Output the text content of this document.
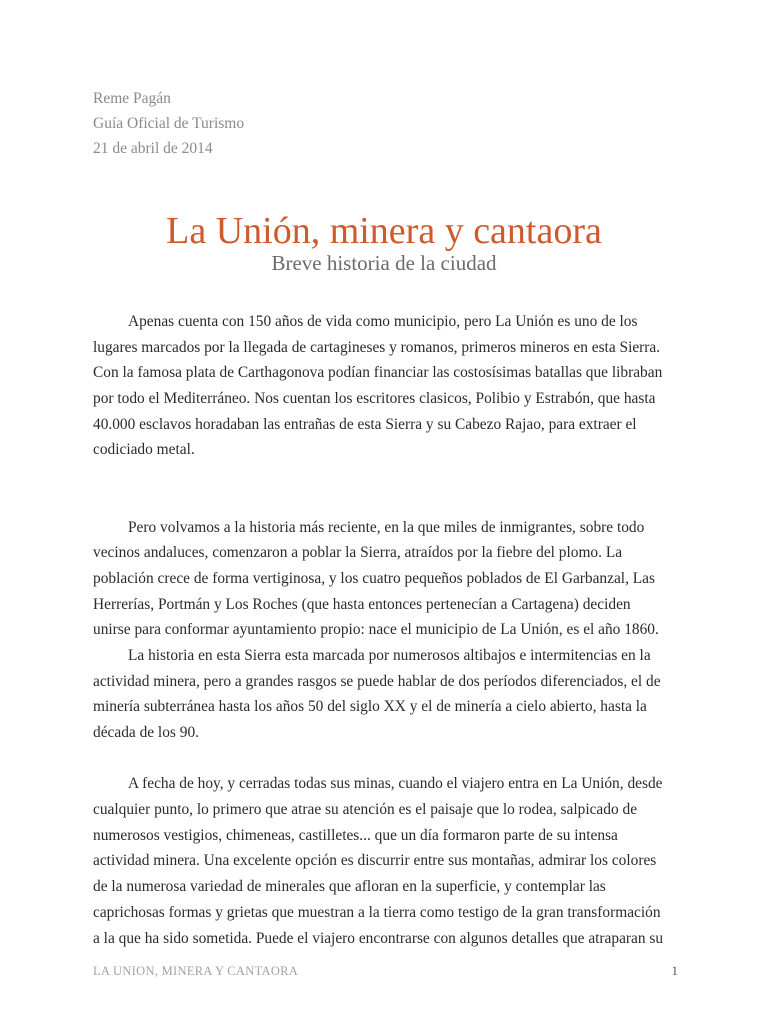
Reme Pagán
Guía Oficial de Turismo
21 de abril de 2014
La Unión, minera y cantaora
Breve historia de la ciudad
Apenas cuenta con 150 años de vida como municipio, pero La Unión es uno de los
lugares marcados por la llegada de cartagineses y romanos, primeros mineros en esta Sierra.
Con la famosa plata de Carthagonova podían financiar las costosísimas batallas que libraban
por todo el Mediterráneo. Nos cuentan los escritores clasicos, Polibio y Estrabón, que hasta
40.000 esclavos horadaban las entrañas de esta Sierra y su Cabezo Rajao, para extraer el
codiciado metal.
Pero volvamos a la historia más reciente, en la que miles de inmigrantes, sobre todo
vecinos andaluces, comenzaron a poblar la Sierra, atraídos por la fiebre del plomo. La
población crece de forma vertiginosa, y los cuatro pequeños poblados de El Garbanzal, Las
Herrerías, Portmán y Los Roches (que hasta entonces pertenecían a Cartagena) deciden
unirse para conformar ayuntamiento propio: nace el municipio de La Unión, es el año 1860.
La historia en esta Sierra esta marcada por numerosos altibajos e intermitencias en la
actividad minera, pero a grandes rasgos se puede hablar de dos períodos diferenciados, el de
minería subterránea hasta los años 50 del siglo XX y el de minería a cielo abierto, hasta la
década de los 90.
A fecha de hoy, y cerradas todas sus minas, cuando el viajero entra en La Unión, desde
cualquier punto, lo primero que atrae su atención es el paisaje que lo rodea, salpicado de
numerosos vestigios, chimeneas, castilletes... que un día formaron parte de su intensa
actividad minera. Una excelente opción es discurrir entre sus montañas, admirar los colores
de la numerosa variedad de minerales que afloran en la superficie, y contemplar las
caprichosas formas y grietas que muestran a la tierra como testigo de la gran transformación
a la que ha sido sometida. Puede el viajero encontrarse con algunos detalles que atraparan su
LA UNION, MINERA Y CANTAORA	1
